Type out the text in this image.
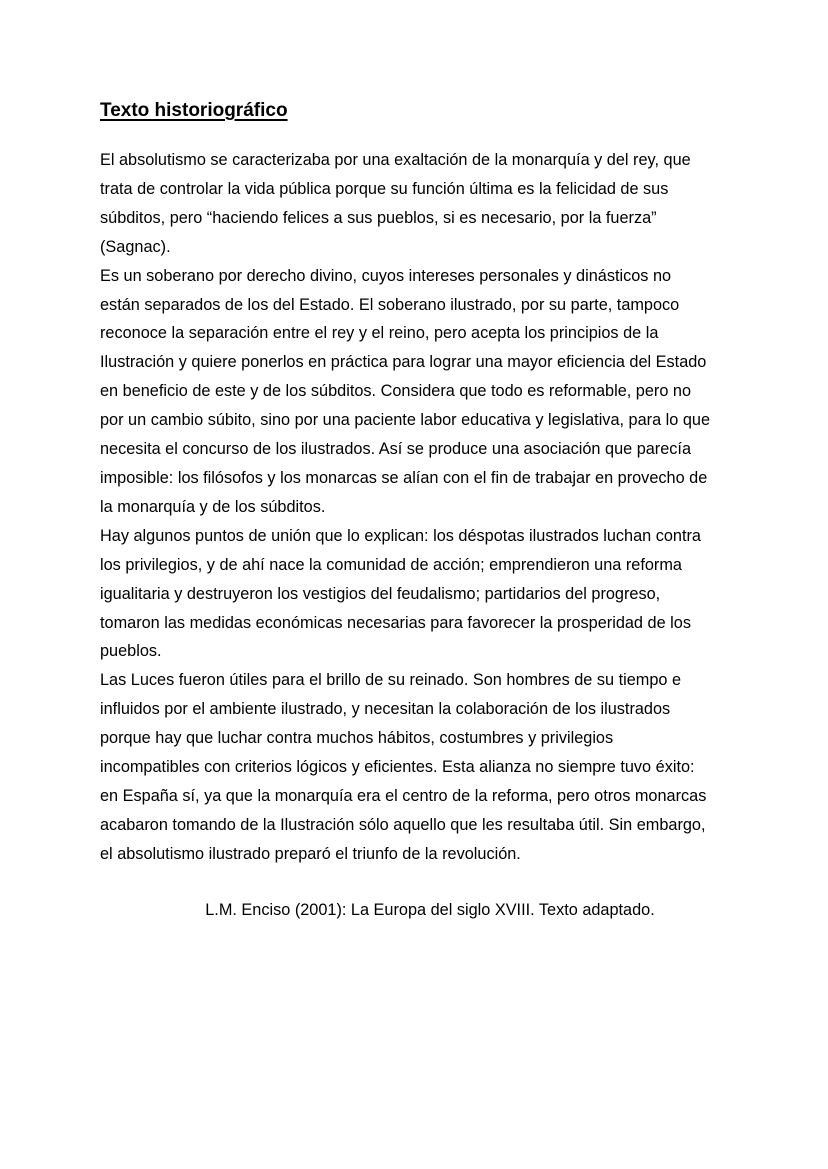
Texto historiográfico

El absolutismo se caracterizaba por una exaltación de la monarquía y del rey, que

trata de controlar la vida pública porque su función última es la felicidad de sus

súbditos, pero “haciendo felices a sus pueblos, si es necesario, por la fuerza”

(Sagnac).

Es un soberano por derecho divino, cuyos intereses personales y dinásticos no

están separados de los del Estado. El soberano ilustrado, por su parte, tampoco

reconoce la separación entre el rey y el reino, pero acepta los principios de la

Ilustración y quiere ponerlos en práctica para lograr una mayor eficiencia del Estado

en beneficio de este y de los súbditos. Considera que todo es reformable, pero no

por un cambio súbito, sino por una paciente labor educativa y legislativa, para lo que

necesita el concurso de los ilustrados. Así se produce una asociación que parecía

imposible: los filósofos y los monarcas se alían con el fin de trabajar en provecho de

la monarquía y de los súbditos.

Hay algunos puntos de unión que lo explican: los déspotas ilustrados luchan contra

los privilegios, y de ahí nace la comunidad de acción; emprendieron una reforma

igualitaria y destruyeron los vestigios del feudalismo; partidarios del progreso,

tomaron las medidas económicas necesarias para favorecer la prosperidad de los

pueblos.

Las Luces fueron útiles para el brillo de su reinado. Son hombres de su tiempo e

influidos por el ambiente ilustrado, y necesitan la colaboración de los ilustrados

porque hay que luchar contra muchos hábitos, costumbres y privilegios

incompatibles con criterios lógicos y eficientes. Esta alianza no siempre tuvo éxito:

en España sí, ya que la monarquía era el centro de la reforma, pero otros monarcas

acabaron tomando de la Ilustración sólo aquello que les resultaba útil. Sin embargo,

el absolutismo ilustrado preparó el triunfo de la revolución.

L.M. Enciso (2001): La Europa del siglo XVIII. Texto adaptado.
